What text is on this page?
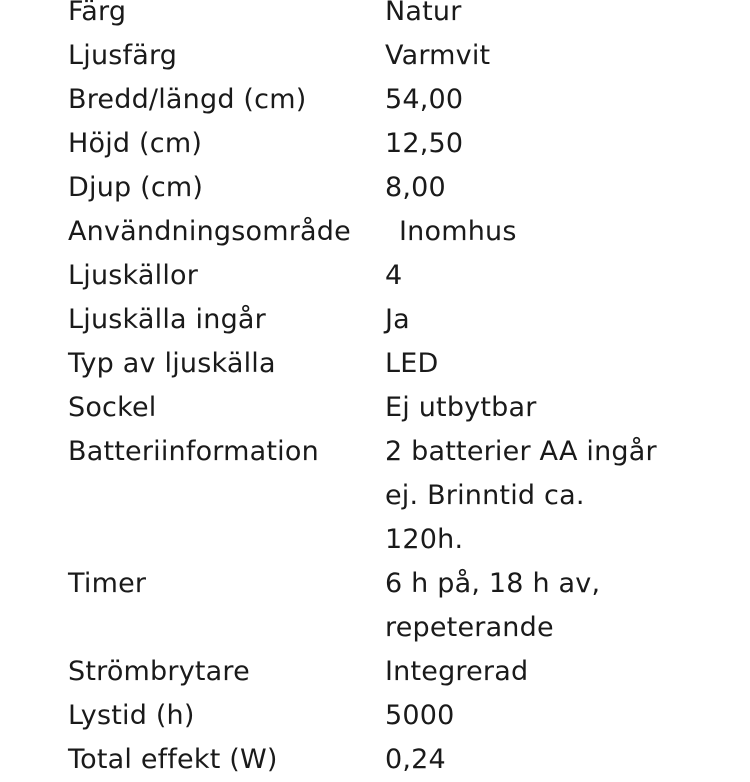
Färg	Natur
Ljusfärg	Varmvit
Bredd/längd (cm)	54,00
Höjd (cm)	12,50
Djup (cm)	8,00
Användningsområde	Inomhus
Ljuskällor	4
Ljuskälla ingår	Ja
Typ av ljuskälla	LED
Sockel	Ej utbytbar
Batteriinformation	2 batterier AA ingår
ej. Brinntid ca.
120h.
Timer	6 h på, 18 h av,
repeterande
Strömbrytare	Integrerad
Lystid (h)	5000
Total effekt (W)	0,24
